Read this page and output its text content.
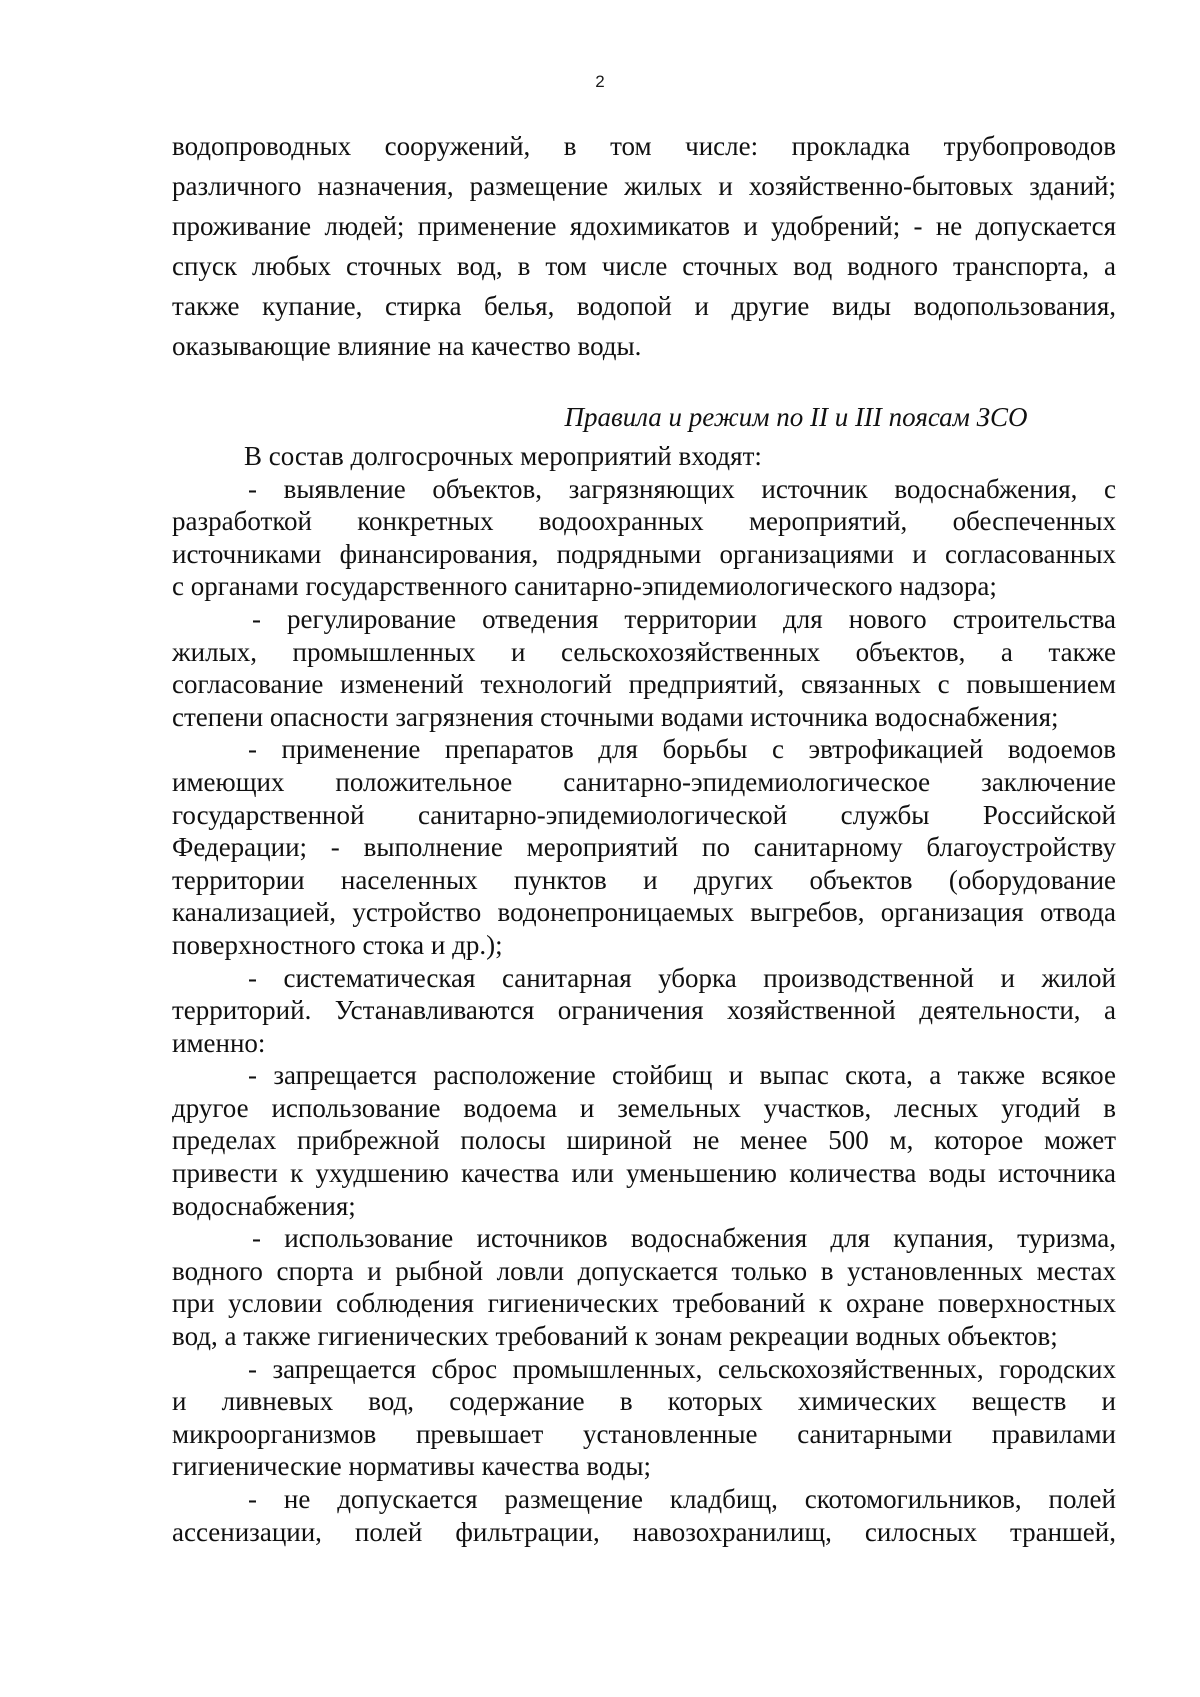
2
водопроводных сооружений, в том числе: прокладка трубопроводов
различного назначения, размещение жилых и хозяйственно-бытовых зданий;
проживание людей; применение ядохимикатов и удобрений; - не допускается
спуск любых сточных вод, в том числе сточных вод водного транспорта, а
также купание, стирка белья, водопой и другие виды водопользования,
оказывающие влияние на качество воды.
Правила и режим по II и III поясам ЗСО
В состав долгосрочных мероприятий входят:
- выявление объектов, загрязняющих источник водоснабжения, с
разработкой конкретных водоохранных мероприятий, обеспеченных
источниками финансирования, подрядными организациями и согласованных
с органами государственного санитарно-эпидемиологического надзора;
- регулирование отведения территории для нового строительства
жилых, промышленных и сельскохозяйственных объектов, а также
согласование изменений технологий предприятий, связанных с повышением
степени опасности загрязнения сточными водами источника водоснабжения;
- применение препаратов для борьбы с эвтрофикацией водоемов
имеющих положительное санитарно-эпидемиологическое заключение
государственной санитарно-эпидемиологической службы Российской
Федерации; - выполнение мероприятий по санитарному благоустройству
территории населенных пунктов и других объектов (оборудование
канализацией, устройство водонепроницаемых выгребов, организация отвода
поверхностного стока и др.);
- систематическая санитарная уборка производственной и жилой
территорий. Устанавливаются ограничения хозяйственной деятельности, а
именно:
- запрещается расположение стойбищ и выпас скота, а также всякое
другое использование водоема и земельных участков, лесных угодий в
пределах прибрежной полосы шириной не менее 500 м, которое может
привести к ухудшению качества или уменьшению количества воды источника
водоснабжения;
- использование источников водоснабжения для купания, туризма,
водного спорта и рыбной ловли допускается только в установленных местах
при условии соблюдения гигиенических требований к охране поверхностных
вод, а также гигиенических требований к зонам рекреации водных объектов;
- запрещается сброс промышленных, сельскохозяйственных, городских
и ливневых вод, содержание в которых химических веществ и
микроорганизмов превышает установленные санитарными правилами
гигиенические нормативы качества воды;
- не допускается размещение кладбищ, скотомогильников, полей
ассенизации, полей фильтрации, навозохранилищ, силосных траншей,
